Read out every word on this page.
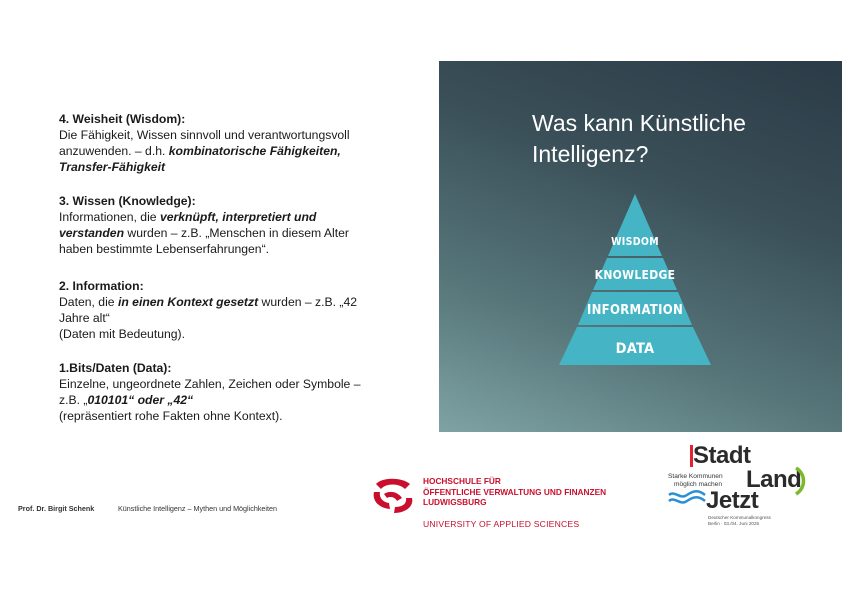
4. Weisheit (Wisdom):
Die Fähigkeit, Wissen sinnvoll und verantwortungsvoll
anzuwenden. – d.h. kombinatorische Fähigkeiten,
Transfer-Fähigkeit
3. Wissen (Knowledge):
Informationen, die verknüpft, interpretiert und
verstanden wurden – z.B. „Menschen in diesem Alter
haben bestimmte Lebenserfahrungen“.
2. Information:
Daten, die in einen Kontext gesetzt wurden – z.B. „42
Jahre alt“
(Daten mit Bedeutung).
1.Bits/Daten (Data):
Einzelne, ungeordnete Zahlen, Zeichen oder Symbole –
z.B. „010101“ oder „42“
(repräsentiert rohe Fakten ohne Kontext).
Was kann Künstliche
Intelligenz?
WISDOM
KNOWLEDGE
INFORMATION
DATA
Prof. Dr. Birgit Schenk	Künstliche Intelligenz – Mythen und Möglichkeiten
HOCHSCHULE FÜR
ÖFFENTLICHE VERWALTUNG UND FINANZEN
LUDWIGSBURG
UNIVERSITY OF APPLIED SCIENCES
Stadt
Land
Starke Kommunen
möglich machen
Jetzt
Deutscher Kommunalkongress
Berlin · 03./04. Juni 2025
